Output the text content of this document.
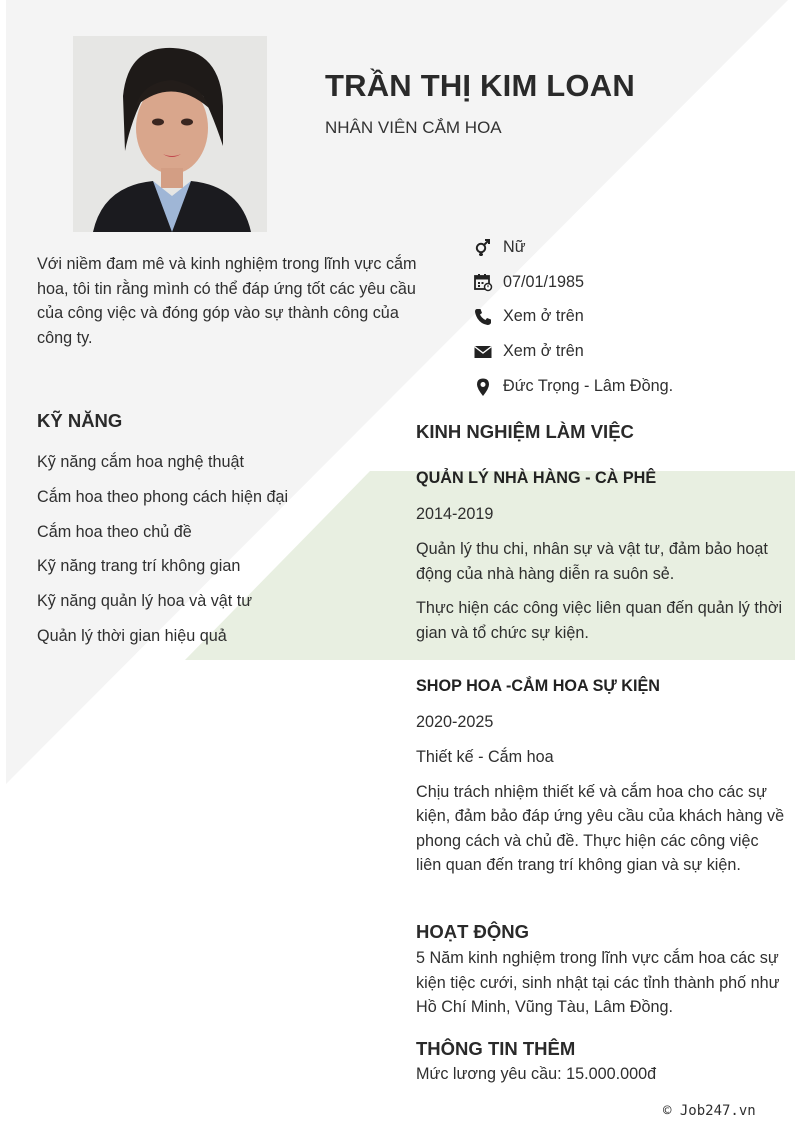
TRẦN THỊ KIM LOAN
NHÂN VIÊN CẮM HOA
Với niềm đam mê và kinh nghiệm trong lĩnh vực cắm hoa, tôi tin rằng mình có thể đáp ứng tốt các yêu cầu của công việc và đóng góp vào sự thành công của công ty.
Nữ
07/01/1985
Xem ở trên
Xem ở trên
Đức Trọng - Lâm Đồng.
KỸ NĂNG
Kỹ năng cắm hoa nghệ thuật
Cắm hoa theo phong cách hiện đại
Cắm hoa theo chủ đề
Kỹ năng trang trí không gian
Kỹ năng quản lý hoa và vật tư
Quản lý thời gian hiệu quả
KINH NGHIỆM LÀM VIỆC
QUẢN LÝ NHÀ HÀNG - CÀ PHÊ
2014-2019
Quản lý thu chi, nhân sự và vật tư, đảm bảo hoạt động của nhà hàng diễn ra suôn sẻ.
Thực hiện các công việc liên quan đến quản lý thời gian và tổ chức sự kiện.
SHOP HOA -CẮM HOA SỰ KIỆN
2020-2025
Thiết kế - Cắm hoa
Chịu trách nhiệm thiết kế và cắm hoa cho các sự kiện, đảm bảo đáp ứng yêu cầu của khách hàng về phong cách và chủ đề. Thực hiện các công việc liên quan đến trang trí không gian và sự kiện.
HOẠT ĐỘNG
5 Năm kinh nghiệm trong lĩnh vực cắm hoa các sự kiện tiệc cưới, sinh nhật tại các tỉnh thành phố như Hồ Chí Minh, Vũng Tàu, Lâm Đồng.
THÔNG TIN THÊM
Mức lương yêu cầu: 15.000.000đ
© Job247.vn
